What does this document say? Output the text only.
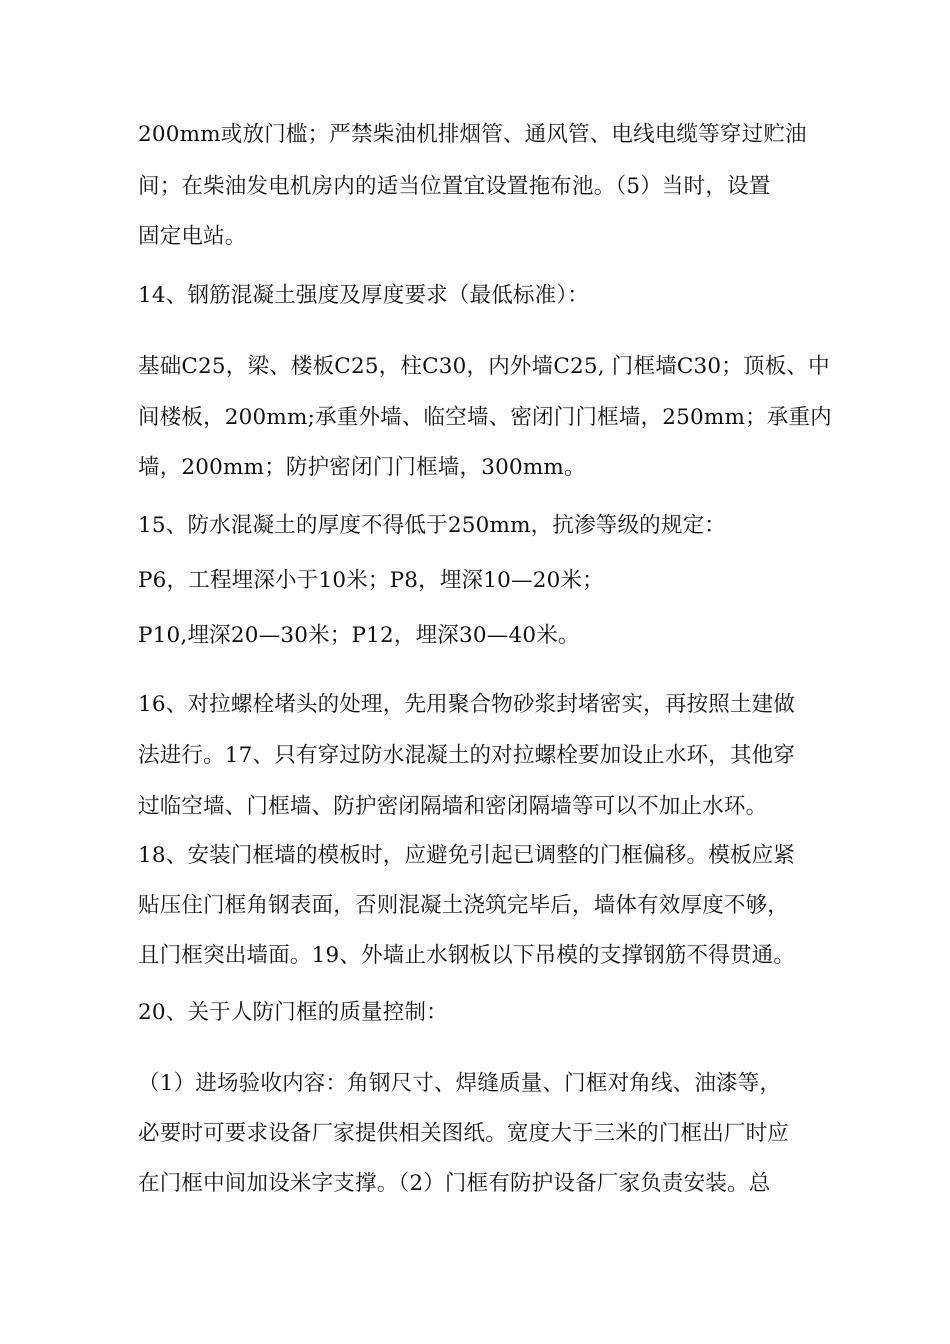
200mm或放门槛；严禁柴油机排烟管、通风管、电线电缆等穿过贮油
间；在柴油发电机房内的适当位置宜设置拖布池。（5）当时，设置
固定电站。
14、钢筋混凝土强度及厚度要求（最低标准）：
基础C25，梁、楼板C25，柱C30，内外墙C25, 门框墙C30；顶板、中
间楼板，200mm;承重外墙、临空墙、密闭门门框墙，250mm；承重内
墙，200mm；防护密闭门门框墙，300mm。
15、防水混凝土的厚度不得低于250mm，抗渗等级的规定：
P6，工程埋深小于10米；P8，埋深10—20米；
P10,埋深20—30米；P12，埋深30—40米。
16、对拉螺栓堵头的处理，先用聚合物砂浆封堵密实，再按照土建做
法进行。17、只有穿过防水混凝土的对拉螺栓要加设止水环，其他穿
过临空墙、门框墙、防护密闭隔墙和密闭隔墙等可以不加止水环。
18、安装门框墙的模板时，应避免引起已调整的门框偏移。模板应紧
贴压住门框角钢表面，否则混凝土浇筑完毕后，墙体有效厚度不够，
且门框突出墙面。19、外墙止水钢板以下吊模的支撑钢筋不得贯通。
20、关于人防门框的质量控制：
（1）进场验收内容：角钢尺寸、焊缝质量、门框对角线、油漆等，
必要时可要求设备厂家提供相关图纸。宽度大于三米的门框出厂时应
在门框中间加设米字支撑。（2）门框有防护设备厂家负责安装。总
